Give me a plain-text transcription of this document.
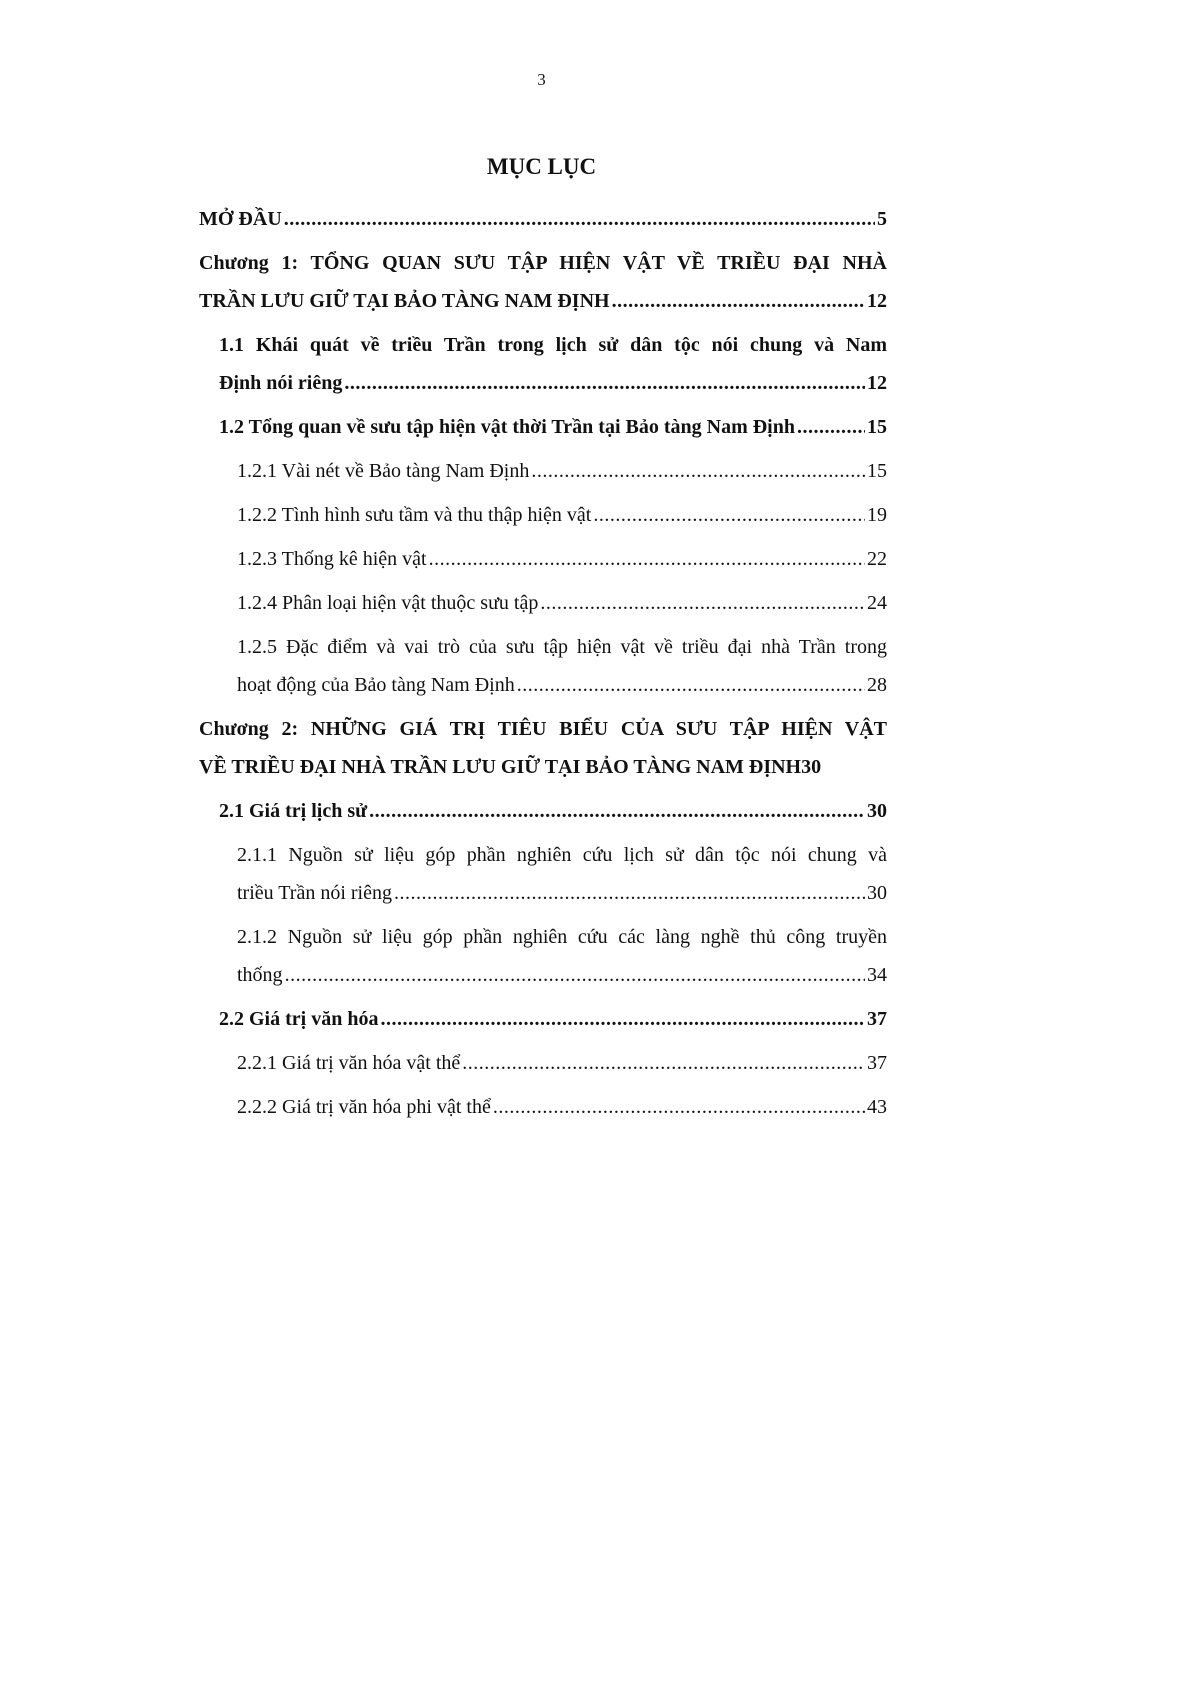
3
MỤC LỤC
MỞ ĐẦU .....	5
Chương 1: TỔNG QUAN SƯU TẬP HIỆN VẬT VỀ TRIỀU ĐẠI NHÀ
TRẦN LƯU GIỮ TẠI BẢO TÀNG NAM ĐỊNH .....	12
1.1 Khái quát về triều Trần trong lịch sử dân tộc nói chung và Nam
Định nói riêng .....	12
1.2 Tổng quan về sưu tập hiện vật thời Trần tại Bảo tàng Nam Định .....	15
1.2.1 Vài nét về Bảo tàng Nam Định .....	15
1.2.2 Tình hình sưu tầm và thu thập hiện vật .....	19
1.2.3 Thống kê hiện vật .....	22
1.2.4 Phân loại hiện vật thuộc sưu tập .....	24
1.2.5 Đặc điểm và vai trò của sưu tập hiện vật về triều đại nhà Trần trong
hoạt động của Bảo tàng Nam Định .....	28
Chương 2: NHỮNG GIÁ TRỊ TIÊU BIỂU CỦA SƯU TẬP HIỆN VẬT
VỀ TRIỀU ĐẠI NHÀ TRẦN LƯU GIỮ TẠI BẢO TÀNG NAM ĐỊNH 30
2.1 Giá trị lịch sử .....	30
2.1.1 Nguồn sử liệu góp phần nghiên cứu lịch sử dân tộc nói chung và
triều Trần nói riêng .....	30
2.1.2 Nguồn sử liệu góp phần nghiên cứu các làng nghề thủ công truyền
thống .....	34
2.2 Giá trị văn hóa .....	37
2.2.1 Giá trị văn hóa vật thể .....	37
2.2.2 Giá trị văn hóa phi vật thể .....	43
